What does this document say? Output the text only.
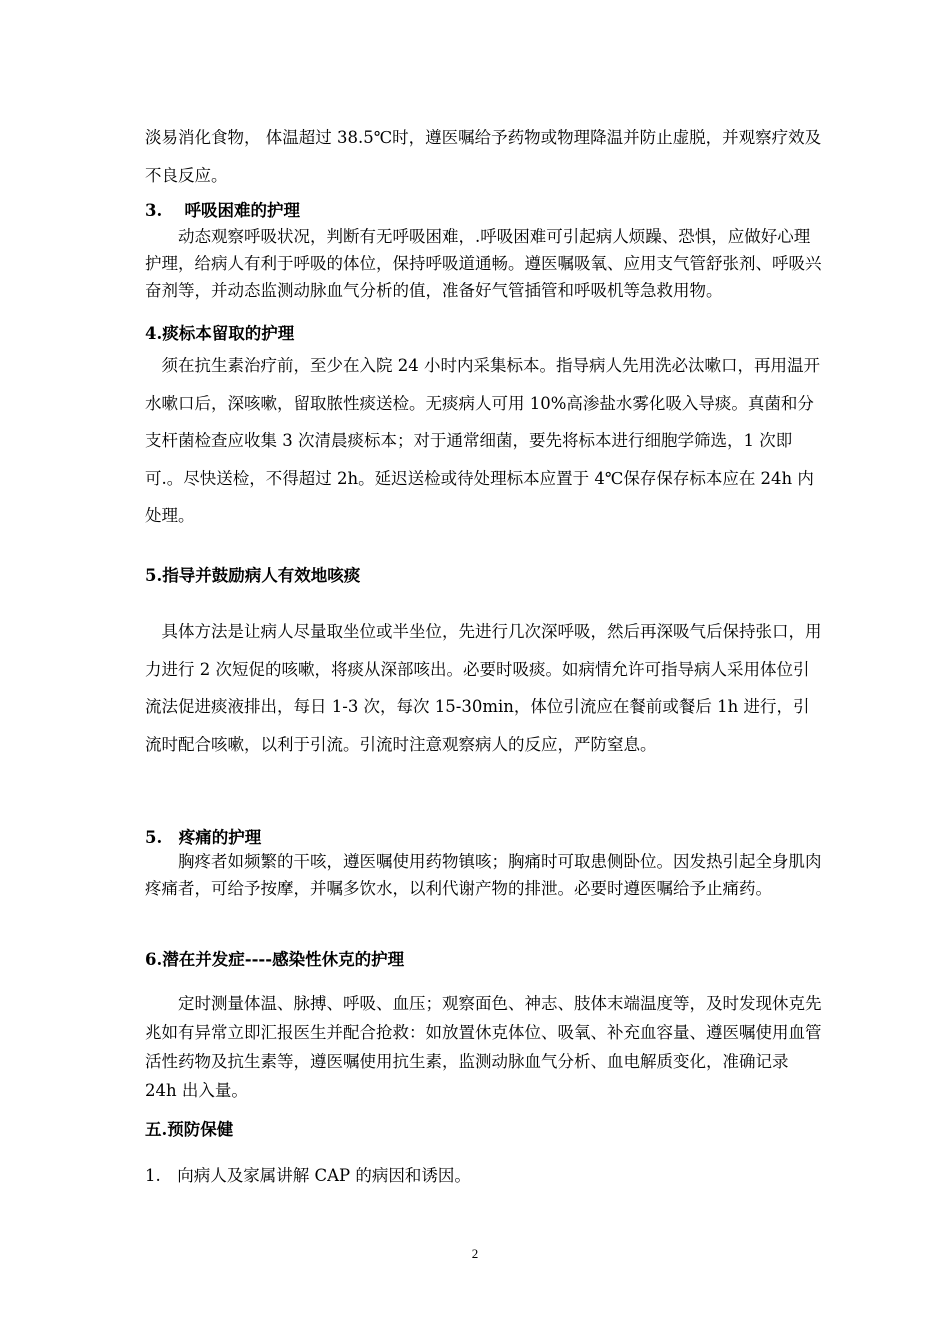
淡易消化食物， 体温超过 38.5℃时，遵医嘱给予药物或物理降温并防止虚脱，并观察疗效及不良反应。

3.　 呼吸困难的护理

动态观察呼吸状况，判断有无呼吸困难，.呼吸困难可引起病人烦躁、恐惧，应做好心理护理，给病人有利于呼吸的体位，保持呼吸道通畅。遵医嘱吸氧、应用支气管舒张剂、呼吸兴奋剂等，并动态监测动脉血气分析的值，准备好气管插管和呼吸机等急救用物。

4.痰标本留取的护理

须在抗生素治疗前，至少在入院 24 小时内采集标本。指导病人先用洗必汰嗽口，再用温开水嗽口后，深咳嗽，留取脓性痰送检。无痰病人可用 10%高渗盐水雾化吸入导痰。真菌和分支杆菌检查应收集 3 次清晨痰标本；对于通常细菌，要先将标本进行细胞学筛选，1 次即可.。尽快送检，不得超过 2h。延迟送检或待处理标本应置于 4℃保存保存标本应在 24h 内处理。

5.指导并鼓励病人有效地咳痰

具体方法是让病人尽量取坐位或半坐位，先进行几次深呼吸，然后再深吸气后保持张口，用力进行 2 次短促的咳嗽，将痰从深部咳出。必要时吸痰。如病情允许可指导病人采用体位引流法促进痰液排出，每日 1-3 次，每次 15-30min，体位引流应在餐前或餐后 1h 进行，引流时配合咳嗽，以利于引流。引流时注意观察病人的反应，严防窒息。

5.　疼痛的护理

胸疼者如频繁的干咳，遵医嘱使用药物镇咳；胸痛时可取患侧卧位。因发热引起全身肌肉疼痛者，可给予按摩，并嘱多饮水，以利代谢产物的排泄。必要时遵医嘱给予止痛药。

6.潜在并发症----感染性休克的护理

定时测量体温、脉搏、呼吸、血压；观察面色、神志、肢体末端温度等，及时发现休克先兆如有异常立即汇报医生并配合抢救：如放置休克体位、吸氧、补充血容量、遵医嘱使用血管活性药物及抗生素等，遵医嘱使用抗生素，监测动脉血气分析、血电解质变化，准确记录 24h 出入量。

五.预防保健

1.　向病人及家属讲解 CAP 的病因和诱因。

2
